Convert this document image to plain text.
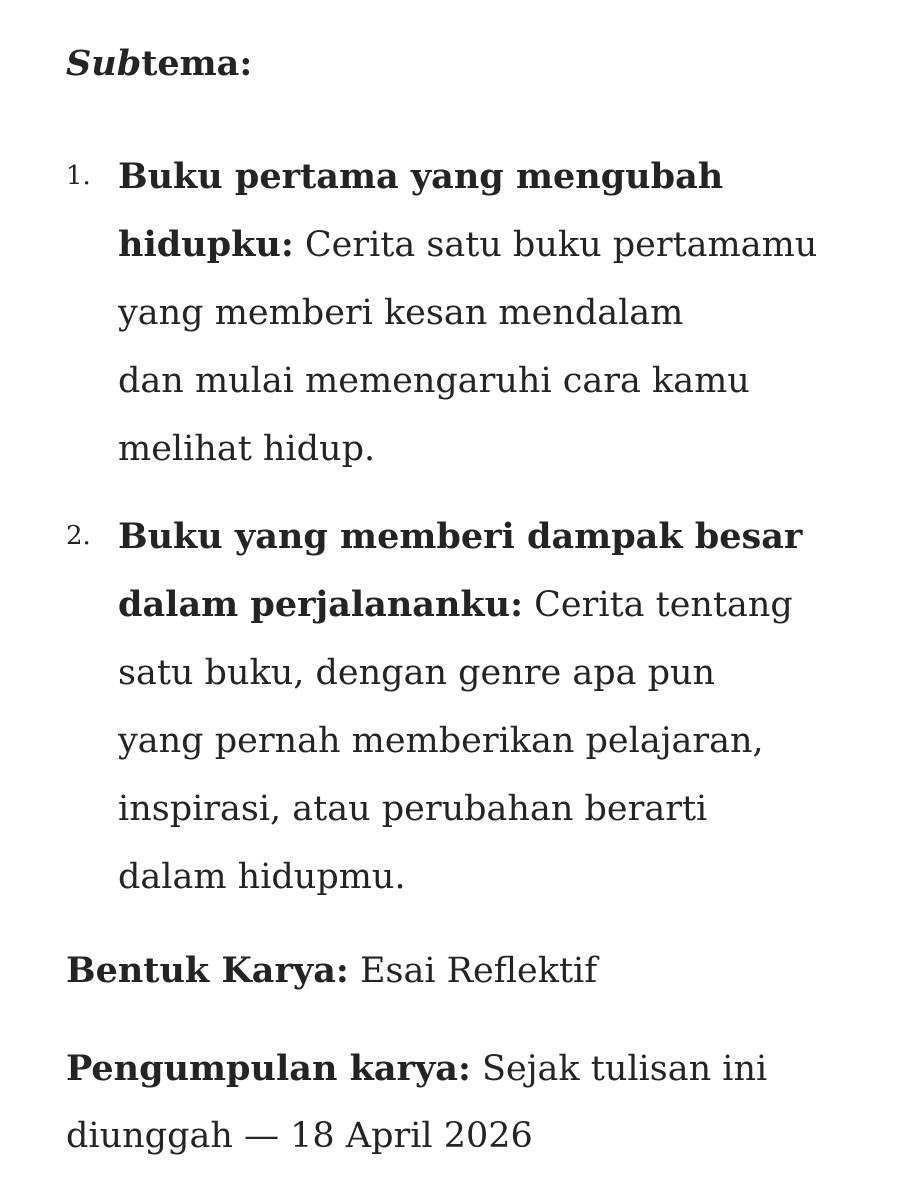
Subtema:
1. Buku pertama yang mengubah
hidupku: Cerita satu buku pertamamu
yang memberi kesan mendalam
dan mulai memengaruhi cara kamu
melihat hidup.
2. Buku yang memberi dampak besar
dalam perjalananku: Cerita tentang
satu buku, dengan genre apa pun
yang pernah memberikan pelajaran,
inspirasi, atau perubahan berarti
dalam hidupmu.
Bentuk Karya: Esai Reflektif
Pengumpulan karya: Sejak tulisan ini
diunggah — 18 April 2026
